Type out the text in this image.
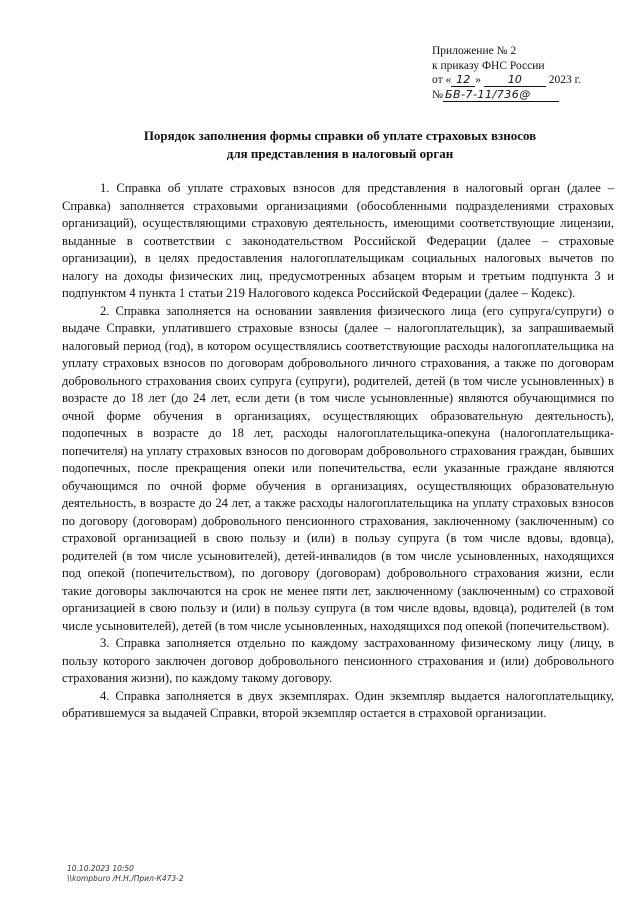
Приложение № 2
к приказу ФНС России
от « 12 » 10 2023 г.
№ БВ-7-11/736@
Порядок заполнения формы справки об уплате страховых взносов
для представления в налоговый орган

1. Справка об уплате страховых взносов для представления в налоговый орган (далее – Справка) заполняется страховыми организациями (обособленными подразделениями страховых организаций), осуществляющими страховую деятельность, имеющими соответствующие лицензии, выданные в соответствии с законодательством Российской Федерации (далее – страховые организации), в целях предоставления налогоплательщикам социальных налоговых вычетов по налогу на доходы физических лиц, предусмотренных абзацем вторым и третьим подпункта 3 и подпунктом 4 пункта 1 статьи 219 Налогового кодекса Российской Федерации (далее – Кодекс).

2. Справка заполняется на основании заявления физического лица (его супруга/супруги) о выдаче Справки, уплатившего страховые взносы (далее – налогоплательщик), за запрашиваемый налоговый период (год), в котором осуществлялись соответствующие расходы налогоплательщика на уплату страховых взносов по договорам добровольного личного страхования, а также по договорам добровольного страхования своих супруга (супруги), родителей, детей (в том числе усыновленных) в возрасте до 18 лет (до 24 лет, если дети (в том числе усыновленные) являются обучающимися по очной форме обучения в организациях, осуществляющих образовательную деятельность), подопечных в возрасте до 18 лет, расходы налогоплательщика-опекуна (налогоплательщика-попечителя) на уплату страховых взносов по договорам добровольного страхования граждан, бывших подопечных, после прекращения опеки или попечительства, если указанные граждане являются обучающимся по очной форме обучения в организациях, осуществляющих образовательную деятельность, в возрасте до 24 лет, а также расходы налогоплательщика на уплату страховых взносов по договору (договорам) добровольного пенсионного страхования, заключенному (заключенным) со страховой организацией в свою пользу и (или) в пользу супруга (в том числе вдовы, вдовца), родителей (в том числе усыновителей), детей-инвалидов (в том числе усыновленных, находящихся под опекой (попечительством), по договору (договорам) добровольного страхования жизни, если такие договоры заключаются на срок не менее пяти лет, заключенному (заключенным) со страховой организацией в свою пользу и (или) в пользу супруга (в том числе вдовы, вдовца), родителей (в том числе усыновителей), детей (в том числе усыновленных, находящихся под опекой (попечительством).

3. Справка заполняется отдельно по каждому застрахованному физическому лицу (лицу, в пользу которого заключен договор добровольного пенсионного страхования и (или) добровольного страхования жизни), по каждому такому договору.

4. Справка заполняется в двух экземплярах. Один экземпляр выдается налогоплательщику, обратившемуся за выдачей Справки, второй экземпляр остается в страховой организации.

10.10.2023 10:50
\\kompburo /Н.Н./Прил-К473-2
